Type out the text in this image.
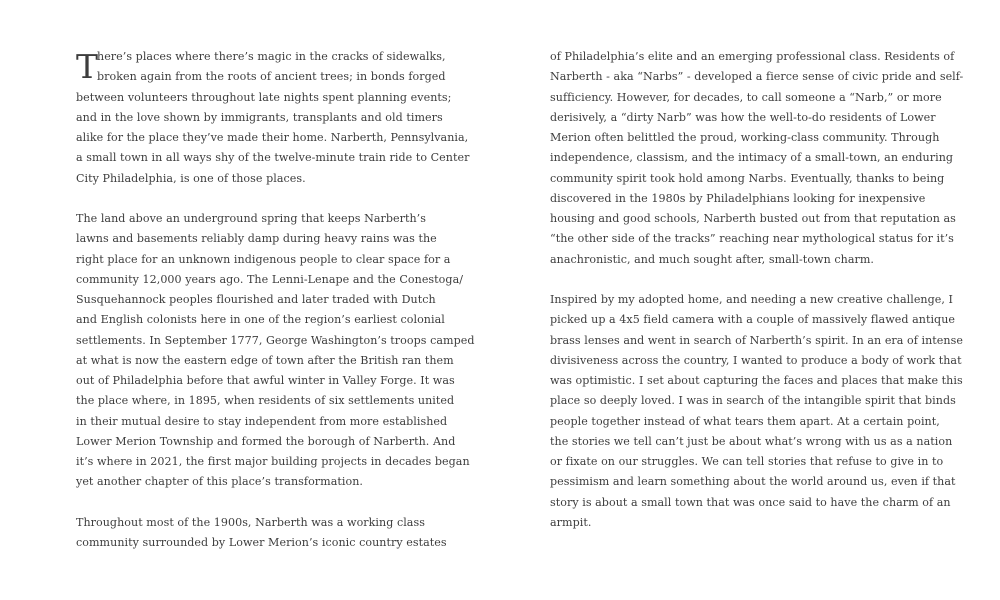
T
here’s places where there’s magic in the cracks of sidewalks,
broken again from the roots of ancient trees; in bonds forged
between volunteers throughout late nights spent planning events;
and in the love shown by immigrants, transplants and old timers
alike for the place they’ve made their home. Narberth, Pennsylvania,
a small town in all ways shy of the twelve-minute train ride to Center
City Philadelphia, is one of those places.
The land above an underground spring that keeps Narberth’s
lawns and basements reliably damp during heavy rains was the
right place for an unknown indigenous people to clear space for a
community 12,000 years ago. The Lenni-Lenape and the Conestoga/
Susquehannock peoples flourished and later traded with Dutch
and English colonists here in one of the region’s earliest colonial
settlements. In September 1777, George Washington’s troops camped
at what is now the eastern edge of town after the British ran them
out of Philadelphia before that awful winter in Valley Forge. It was
the place where, in 1895, when residents of six settlements united
in their mutual desire to stay independent from more established
Lower Merion Township and formed the borough of Narberth. And
it’s where in 2021, the first major building projects in decades began
yet another chapter of this place’s transformation.
Throughout most of the 1900s, Narberth was a working class
community surrounded by Lower Merion’s iconic country estates
of Philadelphia’s elite and an emerging professional class. Residents of
Narberth - aka “Narbs” - developed a fierce sense of civic pride and self-
sufficiency. However, for decades, to call someone a “Narb,” or more
derisively, a “dirty Narb” was how the well-to-do residents of Lower
Merion often belittled the proud, working-class community. Through
independence, classism, and the intimacy of a small-town, an enduring
community spirit took hold among Narbs. Eventually, thanks to being
discovered in the 1980s by Philadelphians looking for inexpensive
housing and good schools, Narberth busted out from that reputation as
“the other side of the tracks” reaching near mythological status for it’s
anachronistic, and much sought after, small-town charm.
Inspired by my adopted home, and needing a new creative challenge, I
picked up a 4x5 field camera with a couple of massively flawed antique
brass lenses and went in search of Narberth’s spirit. In an era of intense
divisiveness across the country, I wanted to produce a body of work that
was optimistic. I set about capturing the faces and places that make this
place so deeply loved. I was in search of the intangible spirit that binds
people together instead of what tears them apart. At a certain point,
the stories we tell can’t just be about what’s wrong with us as a nation
or fixate on our struggles. We can tell stories that refuse to give in to
pessimism and learn something about the world around us, even if that
story is about a small town that was once said to have the charm of an
armpit.
